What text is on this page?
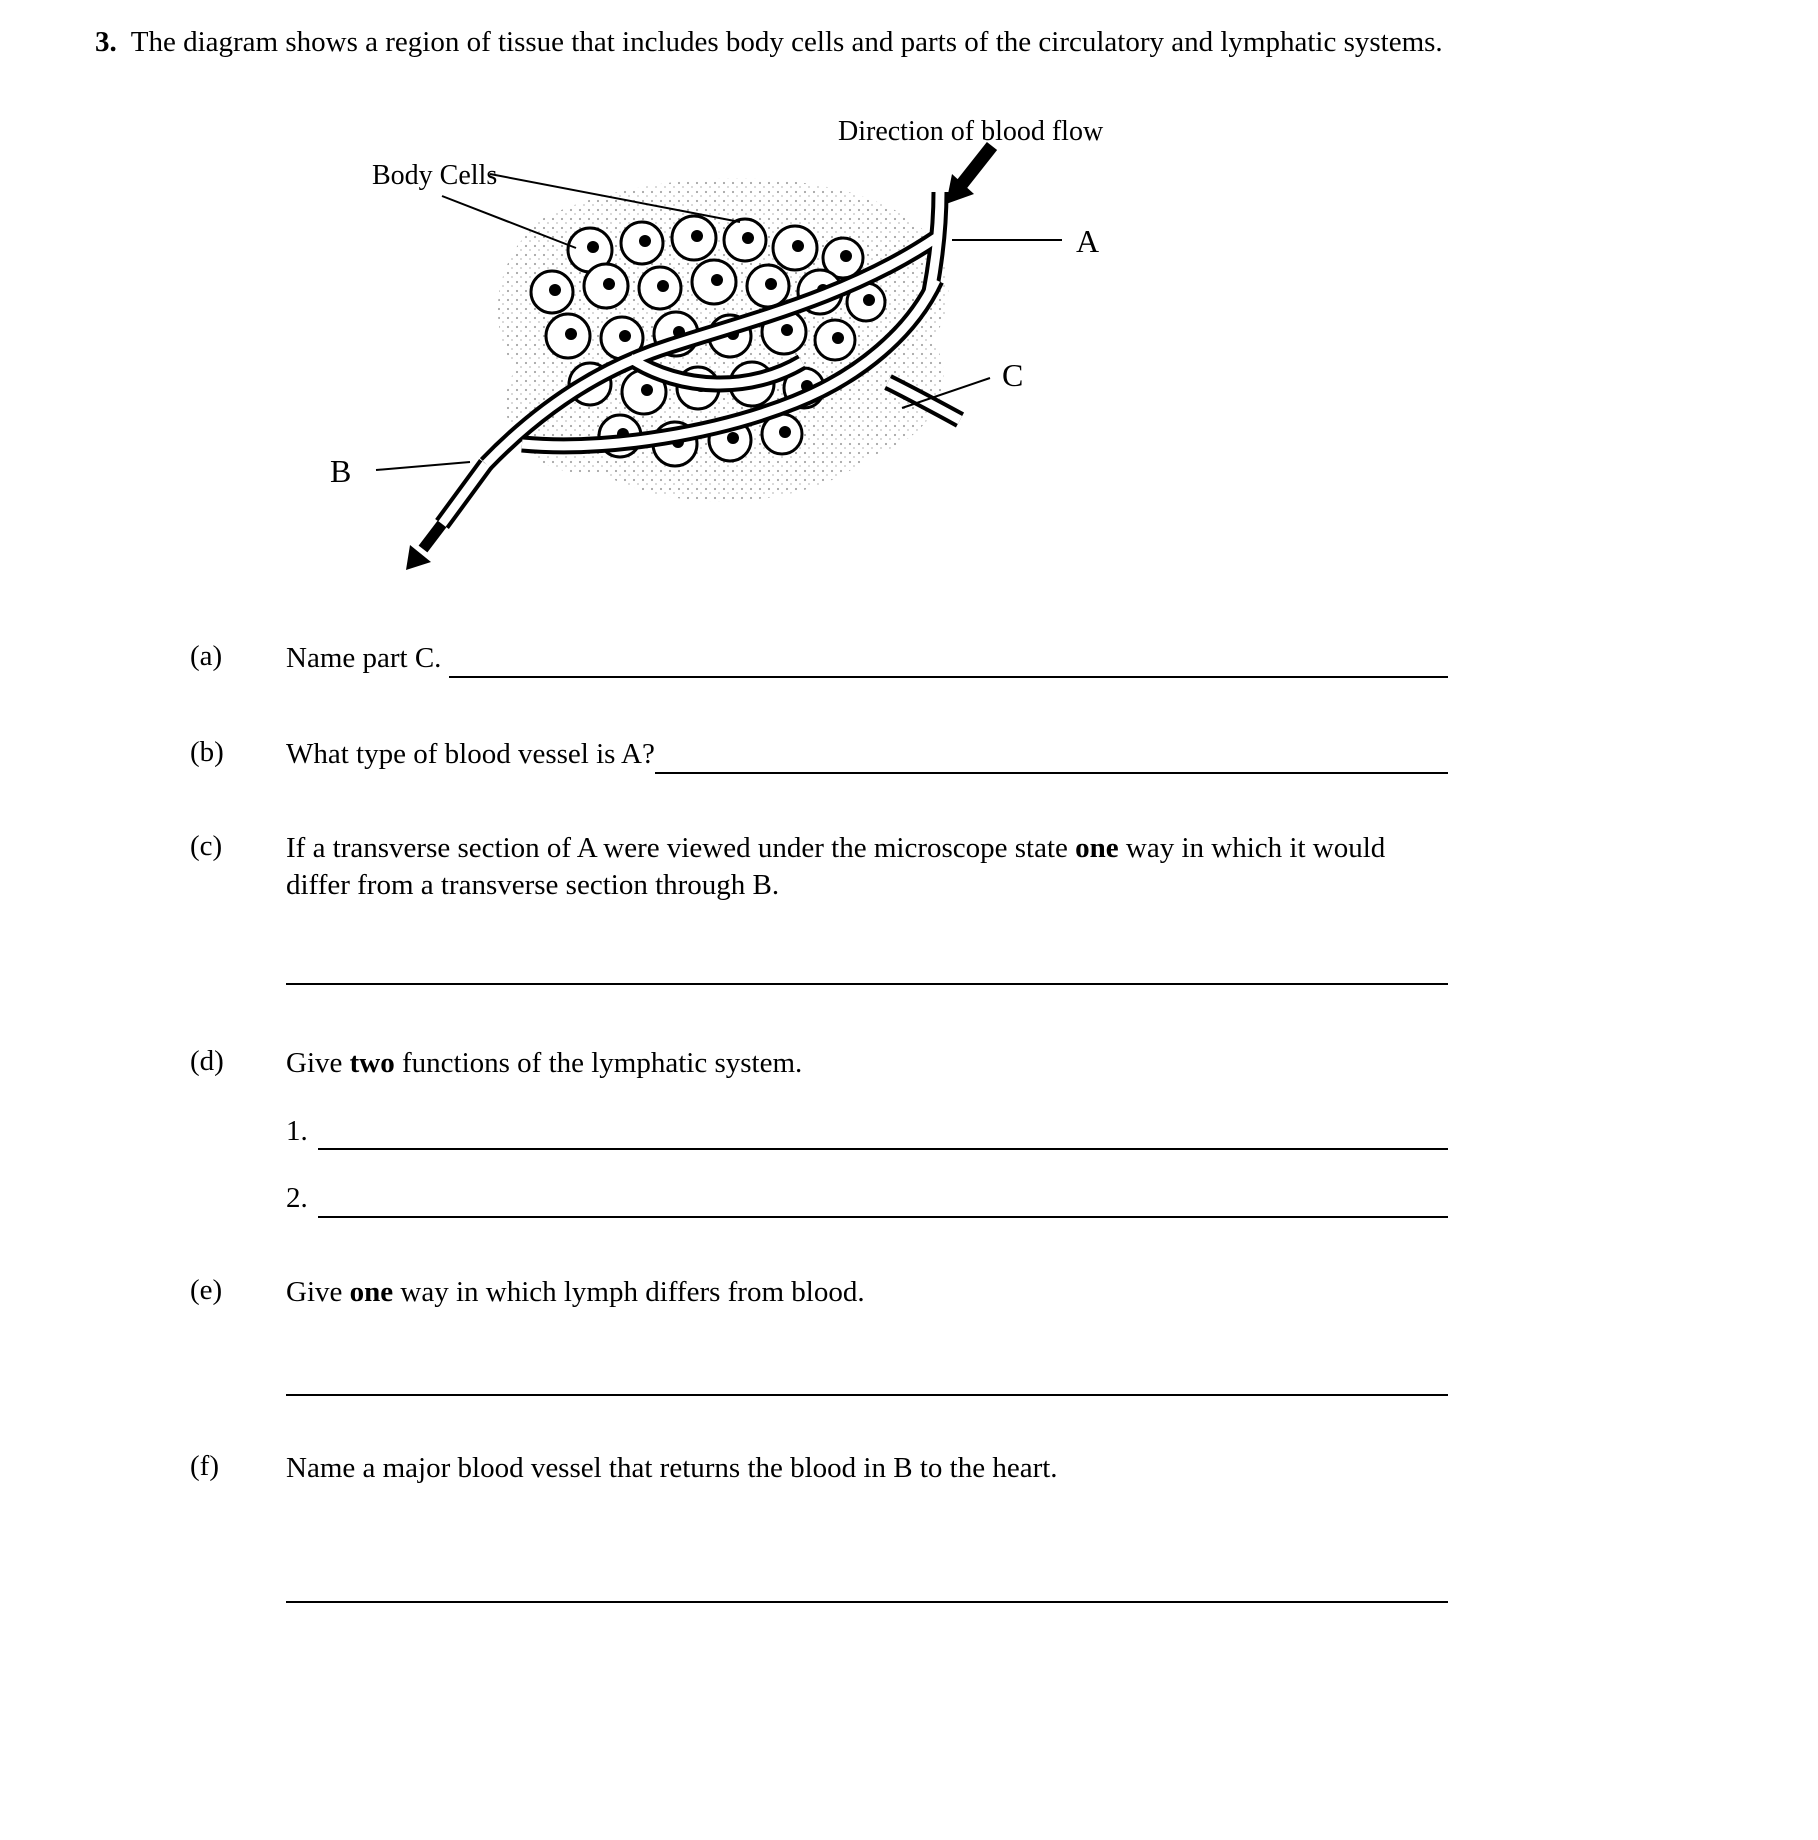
3. The diagram shows a region of tissue that includes body cells and parts of the circulatory and lymphatic systems.
Direction of blood flow
Body Cells
A
C
B
(a)	Name part C.
(b)	What type of blood vessel is A?
(c)	If a transverse section of A were viewed under the microscope state one way in which it would differ from a transverse section through B.
(d)	Give two functions of the lymphatic system.
1.
2.
(e)	Give one way in which lymph differs from blood.
(f)	Name a major blood vessel that returns the blood in B to the heart.
